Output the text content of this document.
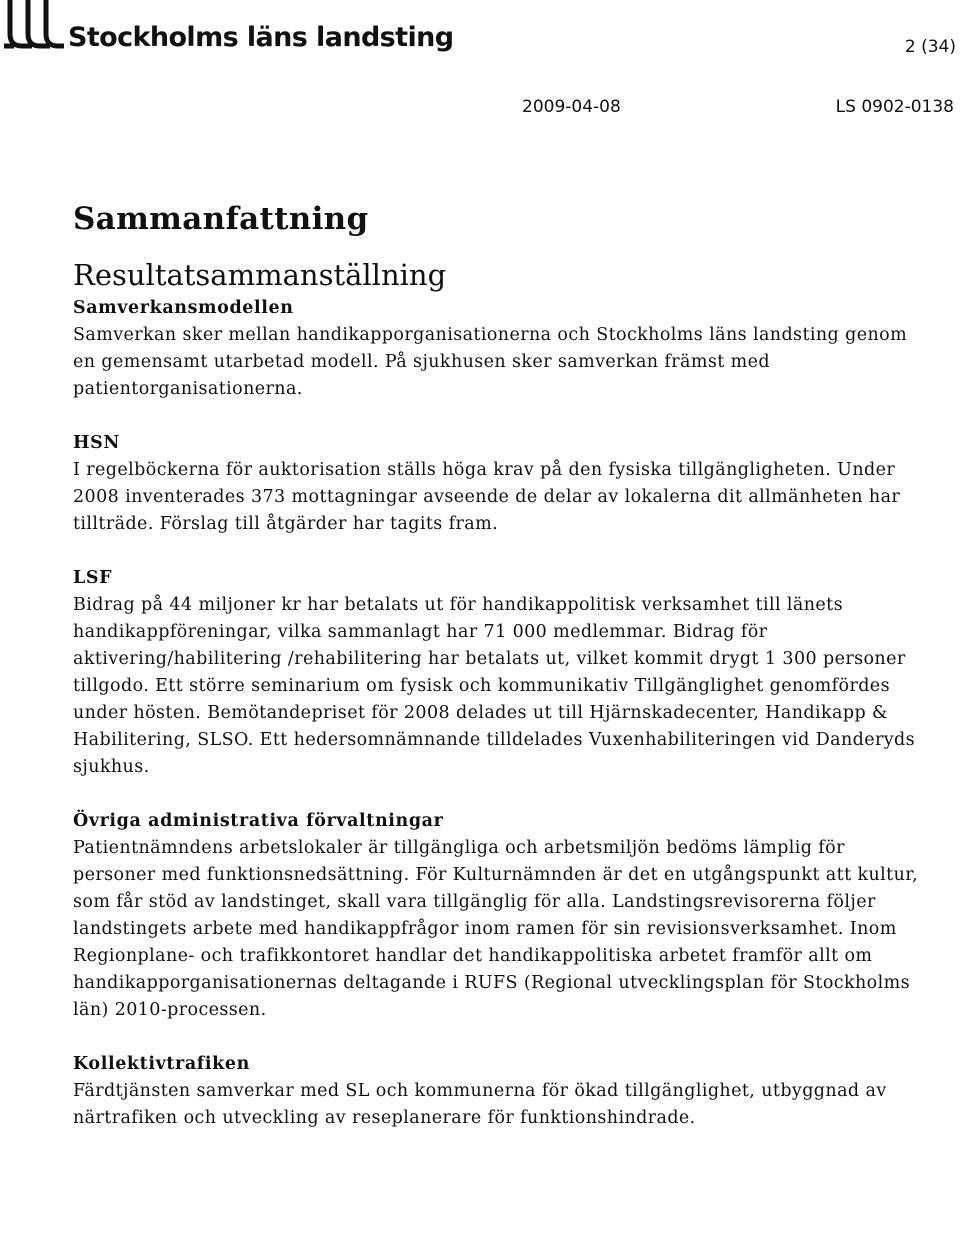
Stockholms läns landsting	2 (34)
2009-04-08	LS 0902-0138
Sammanfattning
Resultatsammanställning
Samverkansmodellen

Samverkan sker mellan handikapporganisationerna och Stockholms läns landsting genom en gemensamt utarbetad modell. På sjukhusen sker samverkan främst med patientorganisationerna.

HSN

I regelböckerna för auktorisation ställs höga krav på den fysiska tillgängligheten. Under 2008 inventerades 373 mottagningar avseende de delar av lokalerna dit allmänheten har tillträde. Förslag till åtgärder har tagits fram.

LSF

Bidrag på 44 miljoner kr har betalats ut för handikappolitisk verksamhet till länets handikappföreningar, vilka sammanlagt har 71 000 medlemmar. Bidrag för aktivering/habilitering /rehabilitering har betalats ut, vilket kommit drygt 1 300 personer tillgodo. Ett större seminarium om fysisk och kommunikativ Tillgänglighet genomfördes under hösten. Bemötandepriset för 2008 delades ut till Hjärnskadecenter, Handikapp & Habilitering, SLSO. Ett hedersomnämnande tilldelades Vuxenhabiliteringen vid Danderyds sjukhus.

Övriga administrativa förvaltningar

Patientnämndens arbetslokaler är tillgängliga och arbetsmiljön bedöms lämplig för personer med funktionsnedsättning. För Kulturnämnden är det en utgångspunkt att kultur, som får stöd av landstinget, skall vara tillgänglig för alla. Landstingsrevisorerna följer landstingets arbete med handikappfrågor inom ramen för sin revisionsverksamhet. Inom Regionplane- och trafikkontoret handlar det handikappolitiska arbetet framför allt om handikapporganisationernas deltagande i RUFS (Regional utvecklingsplan för Stockholms län) 2010-processen.

Kollektivtrafiken

Färdtjänsten samverkar med SL och kommunerna för ökad tillgänglighet, utbyggnad av närtrafiken och utveckling av reseplanerare för funktionshindrade.
